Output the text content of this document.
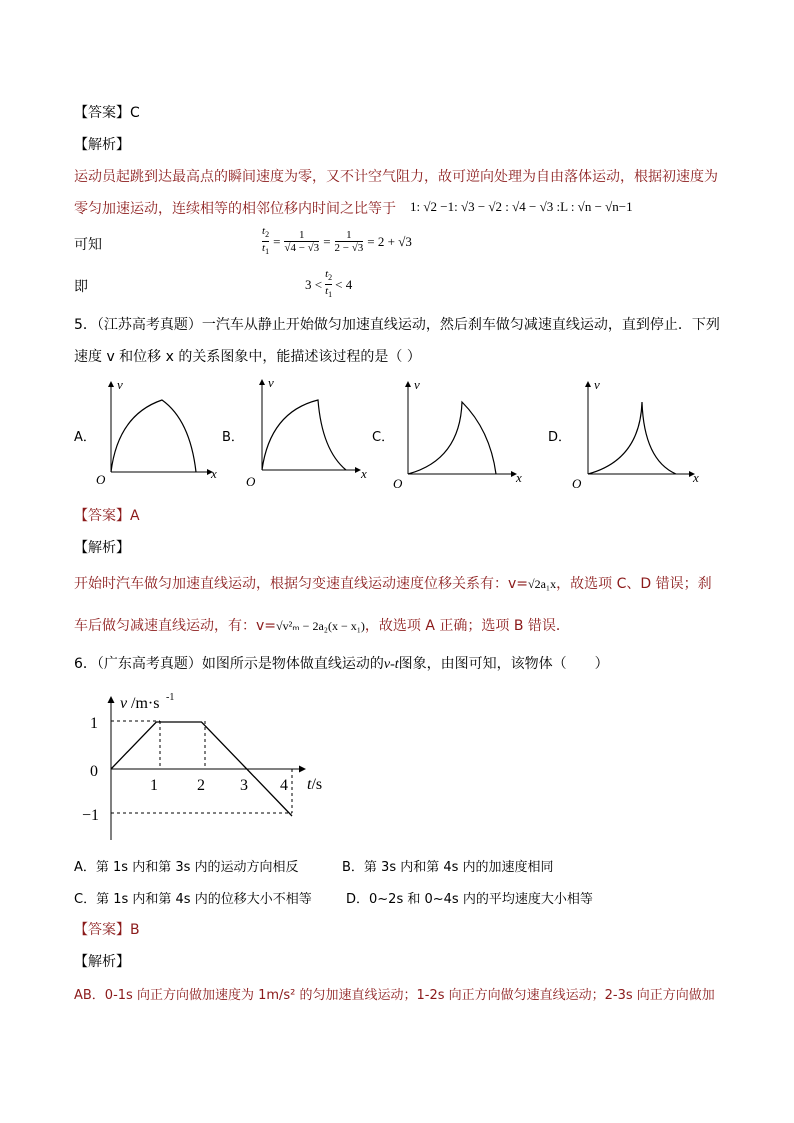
【答案】C
【解析】
运动员起跳到达最高点的瞬间速度为零，又不计空气阻力，故可逆向处理为自由落体运动，根据初速度为
零匀加速运动，连续相等的相邻位移内时间之比等于 1: √2 −1: √3 − √2 : √4 − √3 :L : √n − √n−1
可知	$\frac{t_2}{t_1} = \frac{1}{√4 - √3} = \frac{1}{2 - √3} = 2 + √3$
即	$3 < \frac{t_2}{t_1} < 4$
5．（江苏高考真题）一汽车从静止开始做匀加速直线运动，然后刹车做匀减速直线运动，直到停止．下列
速度 v 和位移 x 的关系图象中，能描述该过程的是（ ）
A．	B．	C．	D．
v
x
O
v
x
O
v
x
O
v
x
O
【答案】A
【解析】
开始时汽车做匀加速直线运动，根据匀变速直线运动速度位移关系有：v=√2a₁x，故选项 C、D 错误；刹
车后做匀减速直线运动，有：v=√v²ₘ − 2a₂(x − x₁)，故选项 A 正确；选项 B 错误．
6．（广东高考真题）如图所示是物体做直线运动的v-t图象，由图可知，该物体（　　）
v /m·s -1
t/s
1
0
−1
1 2 3 4
A．第 1s 内和第 3s 内的运动方向相反	B．第 3s 内和第 4s 内的加速度相同
C．第 1s 内和第 4s 内的位移大小不相等	D．0~2s 和 0~4s 内的平均速度大小相等
【答案】B
【解析】
AB．0-1s 向正方向做加速度为 1m/s² 的匀加速直线运动；1-2s 向正方向做匀速直线运动；2-3s 向正方向做加
